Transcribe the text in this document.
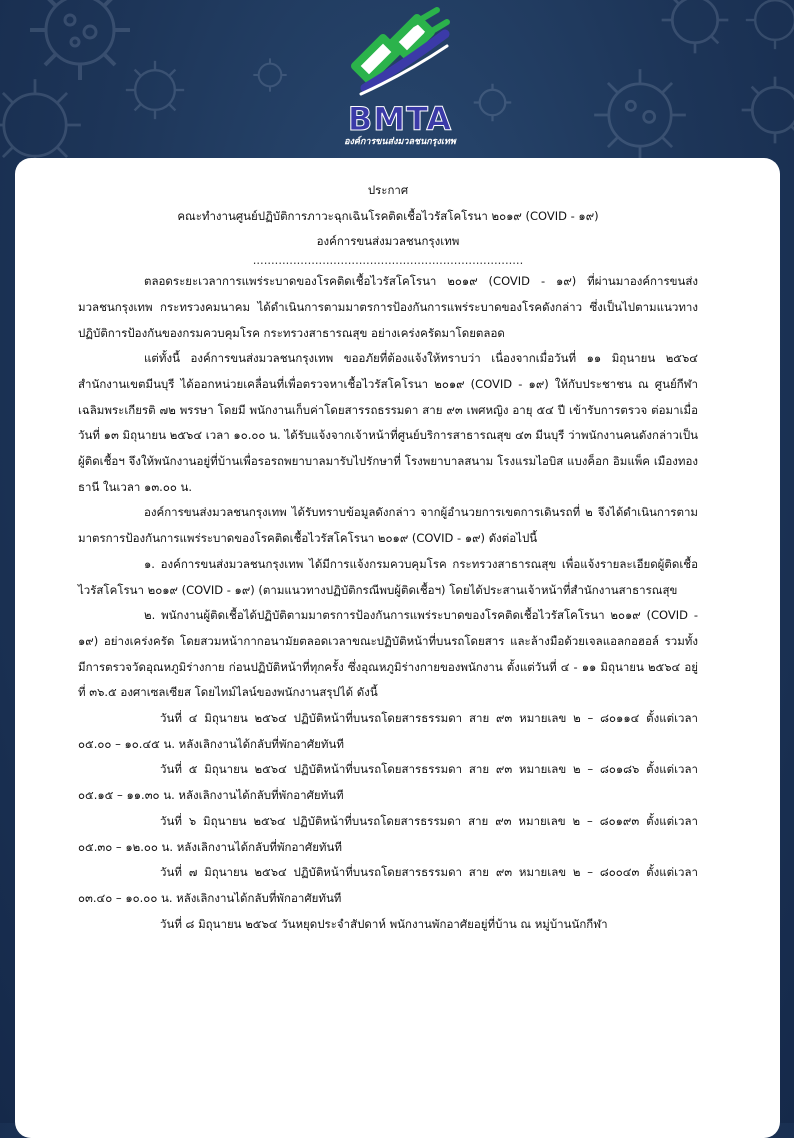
BMTA
องค์การขนส่งมวลชนกรุงเทพ

ประกาศ

คณะทำงานศูนย์ปฏิบัติการภาวะฉุกเฉินโรคติดเชื้อไวรัสโคโรนา ๒๐๑๙ (COVID - ๑๙)

องค์การขนส่งมวลชนกรุงเทพ

..........................................................................

ตลอดระยะเวลาการแพร่ระบาดของโรคติดเชื้อไวรัสโคโรนา ๒๐๑๙ (COVID - ๑๙) ที่ผ่านมาองค์การขนส่งมวลชนกรุงเทพ กระทรวงคมนาคม ได้ดำเนินการตามมาตรการป้องกันการแพร่ระบาดของโรคดังกล่าว ซึ่งเป็นไปตามแนวทางปฏิบัติการป้องกันของกรมควบคุมโรค กระทรวงสาธารณสุข อย่างเคร่งครัดมาโดยตลอด

แต่ทั้งนี้ องค์การขนส่งมวลชนกรุงเทพ ขออภัยที่ต้องแจ้งให้ทราบว่า เนื่องจากเมื่อวันที่ ๑๑ มิถุนายน ๒๕๖๔ สำนักงานเขตมีนบุรี ได้ออกหน่วยเคลื่อนที่เพื่อตรวจหาเชื้อไวรัสโคโรนา ๒๐๑๙ (COVID - ๑๙) ให้กับประชาชน ณ ศูนย์กีฬาเฉลิมพระเกียรติ ๗๒ พรรษา โดยมี พนักงานเก็บค่าโดยสารรถธรรมดา สาย ๙๓ เพศหญิง อายุ ๕๔ ปี เข้ารับการตรวจ ต่อมาเมื่อวันที่ ๑๓ มิถุนายน ๒๕๖๔ เวลา ๑๐.๐๐ น. ได้รับแจ้งจากเจ้าหน้าที่ศูนย์บริการสาธารณสุข ๔๓ มีนบุรี ว่าพนักงานคนดังกล่าวเป็นผู้ติดเชื้อฯ จึงให้พนักงานอยู่ที่บ้านเพื่อรอรถพยาบาลมารับไปรักษาที่ โรงพยาบาลสนาม โรงแรมไอบิส แบงค็อก อิมแพ็ค เมืองทองธานี ในเวลา ๑๓.๐๐ น.

องค์การขนส่งมวลชนกรุงเทพ ได้รับทราบข้อมูลดังกล่าว จากผู้อำนวยการเขตการเดินรถที่ ๒ จึงได้ดำเนินการตามมาตรการป้องกันการแพร่ระบาดของโรคติดเชื้อไวรัสโคโรนา ๒๐๑๙ (COVID - ๑๙) ดังต่อไปนี้

๑. องค์การขนส่งมวลชนกรุงเทพ ได้มีการแจ้งกรมควบคุมโรค กระทรวงสาธารณสุข เพื่อแจ้งรายละเอียดผู้ติดเชื้อไวรัสโคโรนา ๒๐๑๙ (COVID - ๑๙) (ตามแนวทางปฏิบัติกรณีพบผู้ติดเชื้อฯ) โดยได้ประสานเจ้าหน้าที่สำนักงานสาธารณสุข

๒. พนักงานผู้ติดเชื้อได้ปฏิบัติตามมาตรการป้องกันการแพร่ระบาดของโรคติดเชื้อไวรัสโคโรนา ๒๐๑๙ (COVID - ๑๙) อย่างเคร่งครัด โดยสวมหน้ากากอนามัยตลอดเวลาขณะปฏิบัติหน้าที่บนรถโดยสาร และล้างมือด้วยเจลแอลกอฮอล์ รวมทั้ง มีการตรวจวัดอุณหภูมิร่างกาย ก่อนปฏิบัติหน้าที่ทุกครั้ง ซึ่งอุณหภูมิร่างกายของพนักงาน ตั้งแต่วันที่ ๔ - ๑๑ มิถุนายน ๒๕๖๔ อยู่ที่ ๓๖.๕ องศาเซลเซียส โดยไทม์ไลน์ของพนักงานสรุปได้ ดังนี้

วันที่ ๔ มิถุนายน ๒๕๖๔ ปฏิบัติหน้าที่บนรถโดยสารธรรมดา สาย ๙๓ หมายเลข ๒ – ๘๐๑๑๔ ตั้งแต่เวลา ๐๕.๐๐ – ๑๐.๔๕ น. หลังเลิกงานได้กลับที่พักอาศัยทันที

วันที่ ๕ มิถุนายน ๒๕๖๔ ปฏิบัติหน้าที่บนรถโดยสารธรรมดา สาย ๙๓ หมายเลข ๒ – ๘๐๑๘๖ ตั้งแต่เวลา ๐๕.๑๕ – ๑๑.๓๐ น. หลังเลิกงานได้กลับที่พักอาศัยทันที

วันที่ ๖ มิถุนายน ๒๕๖๔ ปฏิบัติหน้าที่บนรถโดยสารธรรมดา สาย ๙๓ หมายเลข ๒ – ๘๐๑๙๓ ตั้งแต่เวลา ๐๕.๓๐ – ๑๒.๐๐ น. หลังเลิกงานได้กลับที่พักอาศัยทันที

วันที่ ๗ มิถุนายน ๒๕๖๔ ปฏิบัติหน้าที่บนรถโดยสารธรรมดา สาย ๙๓ หมายเลข ๒ – ๘๐๐๔๓ ตั้งแต่เวลา ๐๓.๔๐ – ๑๐.๐๐ น. หลังเลิกงานได้กลับที่พักอาศัยทันที

วันที่ ๘ มิถุนายน ๒๕๖๔ วันหยุดประจำสัปดาห์ พนักงานพักอาศัยอยู่ที่บ้าน ณ หมู่บ้านนักกีฬา
